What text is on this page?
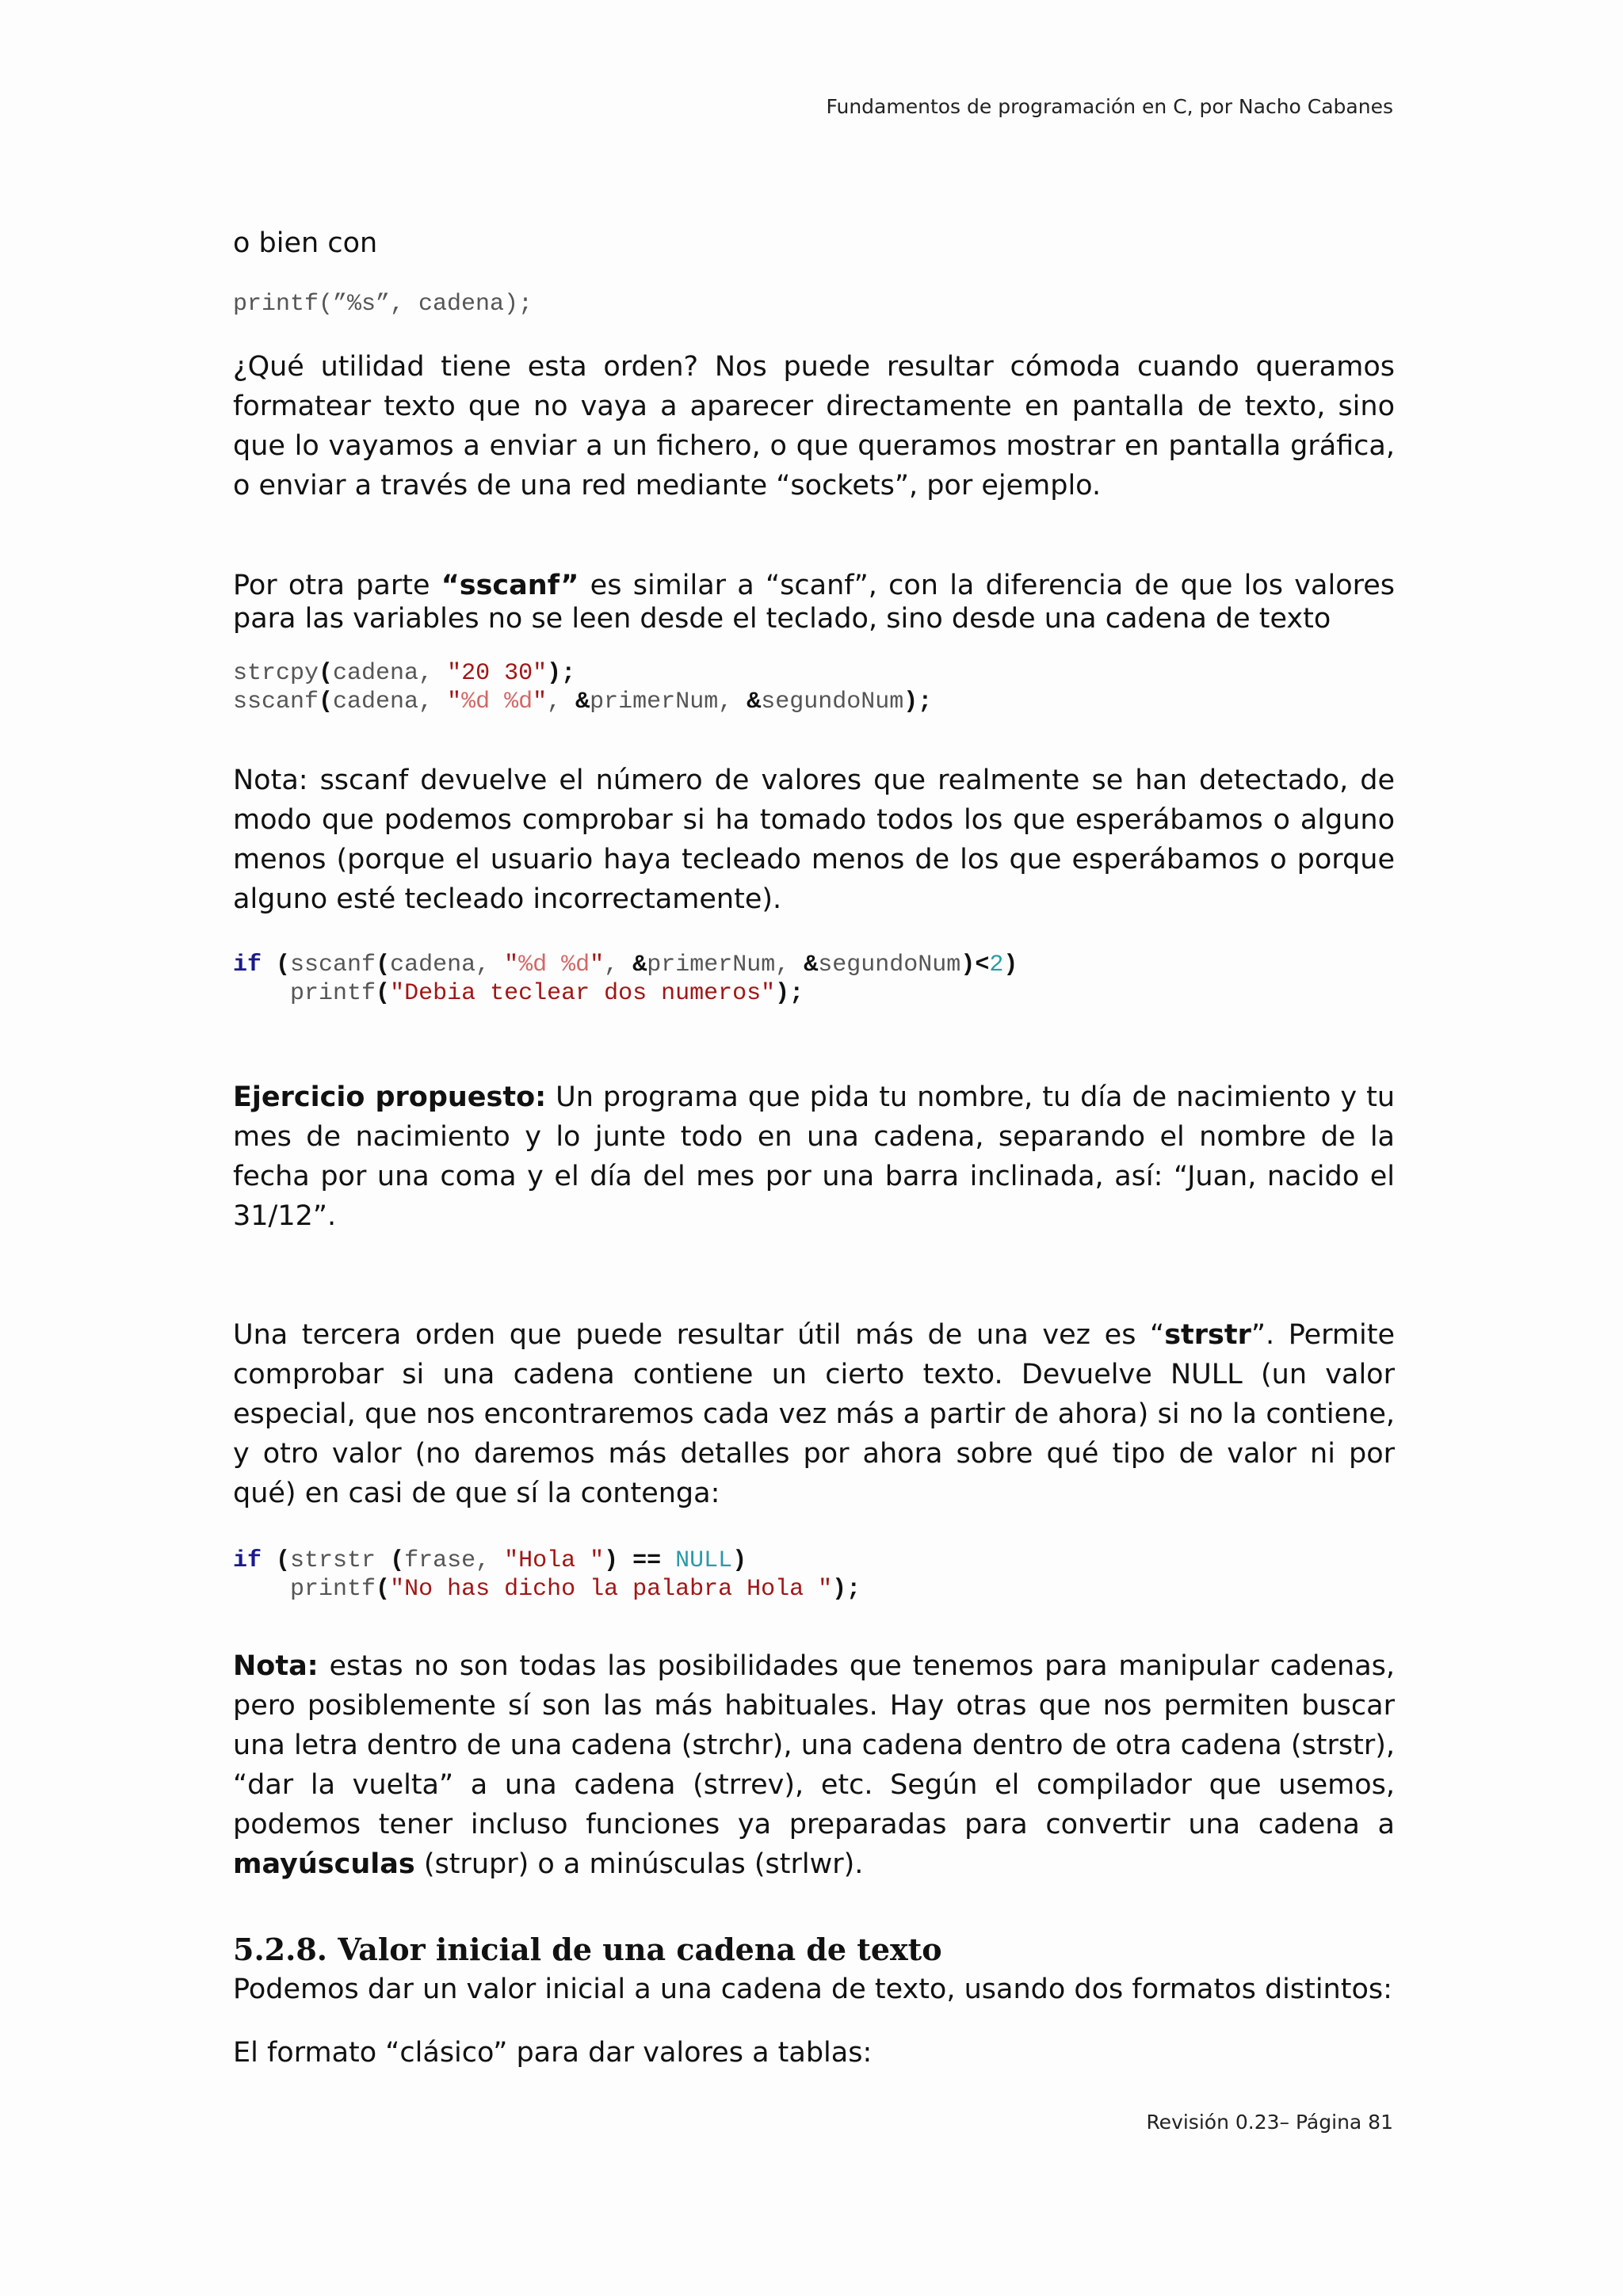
Fundamentos de programación en C, por Nacho Cabanes

o bien con

printf(”%s”, cadena);

¿Qué utilidad tiene esta orden? Nos puede resultar cómoda cuando queramos formatear texto que no vaya a aparecer directamente en pantalla de texto, sino que lo vayamos a enviar a un fichero, o que queramos mostrar en pantalla gráfica, o enviar a través de una red mediante “sockets”, por ejemplo.

Por otra parte “sscanf” es similar a “scanf”, con la diferencia de que los valores para las variables no se leen desde el teclado, sino desde una cadena de texto

strcpy(cadena, "20 30");
sscanf(cadena, "%d %d", &primerNum, &segundoNum);

Nota: sscanf devuelve el número de valores que realmente se han detectado, de modo que podemos comprobar si ha tomado todos los que esperábamos o alguno menos (porque el usuario haya tecleado menos de los que esperábamos o porque alguno esté tecleado incorrectamente).

if (sscanf(cadena, "%d %d", &primerNum, &segundoNum)<2)
printf("Debia teclear dos numeros");

Ejercicio propuesto: Un programa que pida tu nombre, tu día de nacimiento y tu mes de nacimiento y lo junte todo en una cadena, separando el nombre de la fecha por una coma y el día del mes por una barra inclinada, así: “Juan, nacido el 31/12”.

Una tercera orden que puede resultar útil más de una vez es “strstr”. Permite comprobar si una cadena contiene un cierto texto. Devuelve NULL (un valor especial, que nos encontraremos cada vez más a partir de ahora) si no la contiene, y otro valor (no daremos más detalles por ahora sobre qué tipo de valor ni por qué) en casi de que sí la contenga:

if (strstr (frase, "Hola ") == NULL)
printf("No has dicho la palabra Hola ");

Nota: estas no son todas las posibilidades que tenemos para manipular cadenas, pero posiblemente sí son las más habituales. Hay otras que nos permiten buscar una letra dentro de una cadena (strchr), una cadena dentro de otra cadena (strstr), “dar la vuelta” a una cadena (strrev), etc. Según el compilador que usemos, podemos tener incluso funciones ya preparadas para convertir una cadena a mayúsculas (strupr) o a minúsculas (strlwr).

5.2.8. Valor inicial de una cadena de texto

Podemos dar un valor inicial a una cadena de texto, usando dos formatos distintos:

El formato “clásico” para dar valores a tablas:

Revisión 0.23– Página 81
